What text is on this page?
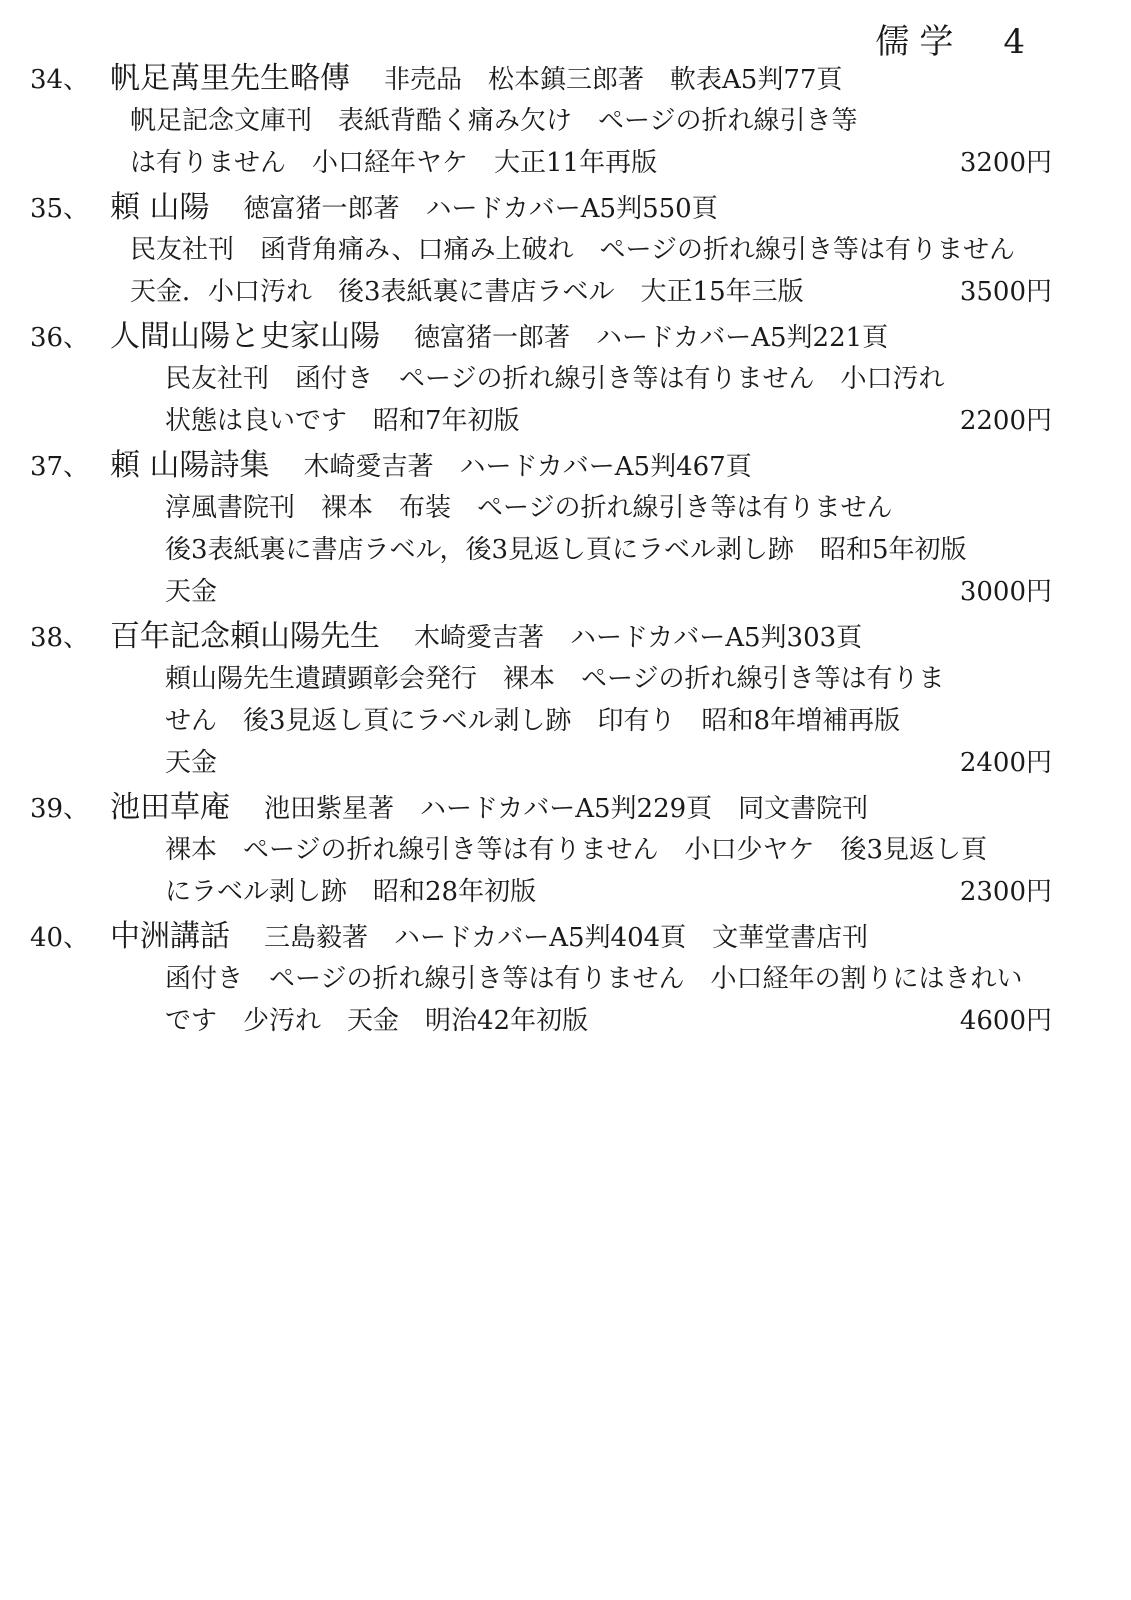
儒学 4
34、 帆足萬里先生略傳 非売品　松本鎮三郎著　軟表A5判77頁
帆足記念文庫刊　表紙背酷く痛み欠け　ページの折れ線引き等
は有りません　小口経年ヤケ　大正11年再版	3200円
35、 頼 山陽 徳富猪一郎著　ハードカバーA5判550頁
民友社刊　函背角痛み、口痛み上破れ　ページの折れ線引き等は有りません
天金．小口汚れ　後3表紙裏に書店ラベル　大正15年三版	3500円
36、 人間山陽と史家山陽 徳富猪一郎著　ハードカバーA5判221頁
民友社刊　函付き　ページの折れ線引き等は有りません　小口汚れ
状態は良いです　昭和7年初版	2200円
37、 頼 山陽詩集 木崎愛吉著　ハードカバーA5判467頁
淳風書院刊　裸本　布装　ページの折れ線引き等は有りません
後3表紙裏に書店ラベル，後3見返し頁にラベル剥し跡　昭和5年初版
天金	3000円
38、 百年記念頼山陽先生 木崎愛吉著　ハードカバーA5判303頁
頼山陽先生遺蹟顕彰会発行　裸本　ページの折れ線引き等は有りま
せん　後3見返し頁にラベル剥し跡　印有り　昭和8年増補再版
天金	2400円
39、 池田草庵 池田紫星著　ハードカバーA5判229頁　同文書院刊
裸本　ページの折れ線引き等は有りません　小口少ヤケ　後3見返し頁
にラベル剥し跡　昭和28年初版	2300円
40、 中洲講話 三島毅著　ハードカバーA5判404頁　文華堂書店刊
函付き　ページの折れ線引き等は有りません　小口経年の割りにはきれい
です　少汚れ　天金　明治42年初版	4600円
